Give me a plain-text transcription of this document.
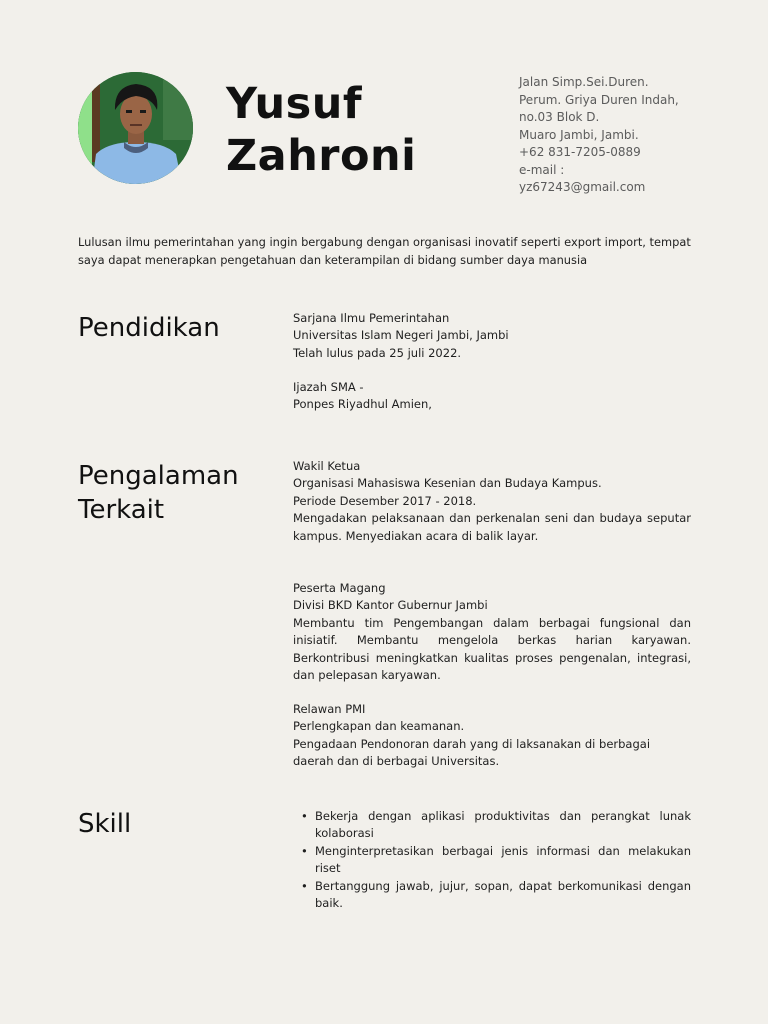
Yusuf
Zahroni
Jalan Simp.Sei.Duren.
Perum. Griya Duren Indah,
no.03 Blok D.
Muaro Jambi, Jambi.
+62 831-7205-0889
e-mail :
yz67243@gmail.com

Lulusan ilmu pemerintahan yang ingin bergabung dengan organisasi inovatif seperti export import, tempat saya dapat menerapkan pengetahuan dan keterampilan di bidang sumber daya manusia

Pendidikan	Sarjana Ilmu Pemerintahan
Universitas Islam Negeri Jambi, Jambi
Telah lulus pada 25 juli 2022.

Ijazah SMA -
Ponpes Riyadhul Amien,

Pengalaman
Terkait
Wakil Ketua
Organisasi Mahasiswa Kesenian dan Budaya Kampus.
Periode Desember 2017 - 2018.

Mengadakan pelaksanaan dan perkenalan seni dan budaya seputar kampus. Menyediakan acara di balik layar.

Peserta Magang
Divisi BKD Kantor Gubernur Jambi

Membantu tim Pengembangan dalam berbagai fungsional dan inisiatif. Membantu mengelola berkas harian karyawan. Berkontribusi meningkatkan kualitas proses pengenalan, integrasi, dan pelepasan karyawan.

Relawan PMI
Perlengkapan dan keamanan.

Pengadaan Pendonoran darah yang di laksanakan di berbagai daerah dan di berbagai Universitas.

Skill	• Bekerja dengan aplikasi produktivitas dan perangkat lunak kolaborasi
• Menginterpretasikan berbagai jenis informasi dan melakukan riset
• Bertanggung jawab, jujur, sopan, dapat berkomunikasi dengan baik.
